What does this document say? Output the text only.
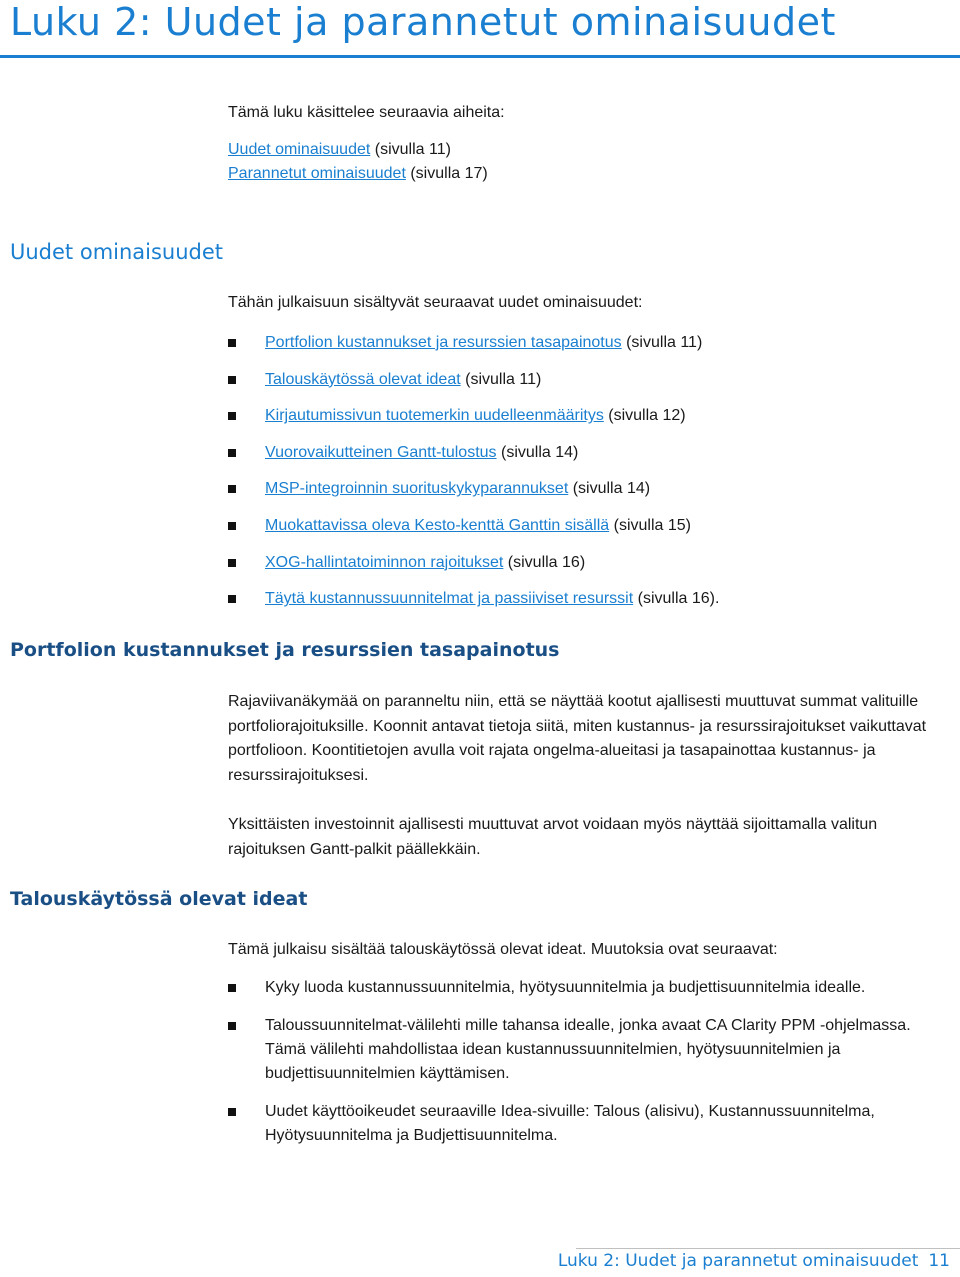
Luku 2: Uudet ja parannetut ominaisuudet
Tämä luku käsittelee seuraavia aiheita:
Uudet ominaisuudet (sivulla 11)
Parannetut ominaisuudet (sivulla 17)
Uudet ominaisuudet
Tähän julkaisuun sisältyvät seuraavat uudet ominaisuudet:
Portfolion kustannukset ja resurssien tasapainotus (sivulla 11)
Talouskäytössä olevat ideat (sivulla 11)
Kirjautumissivun tuotemerkin uudelleenmääritys (sivulla 12)
Vuorovaikutteinen Gantt-tulostus (sivulla 14)
MSP-integroinnin suorituskykyparannukset (sivulla 14)
Muokattavissa oleva Kesto-kenttä Ganttin sisällä (sivulla 15)
XOG-hallintatoiminnon rajoitukset (sivulla 16)
Täytä kustannussuunnitelmat ja passiiviset resurssit (sivulla 16).
Portfolion kustannukset ja resurssien tasapainotus
Rajaviivanäkymää on paranneltu niin, että se näyttää kootut ajallisesti muuttuvat summat valituille portfoliorajoituksille. Koonnit antavat tietoja siitä, miten kustannus- ja resurssirajoitukset vaikuttavat portfolioon. Koontitietojen avulla voit rajata ongelma-alueitasi ja tasapainottaa kustannus- ja resurssirajoituksesi.
Yksittäisten investoinnit ajallisesti muuttuvat arvot voidaan myös näyttää sijoittamalla valitun rajoituksen Gantt-palkit päällekkäin.
Talouskäytössä olevat ideat
Tämä julkaisu sisältää talouskäytössä olevat ideat. Muutoksia ovat seuraavat:
Kyky luoda kustannussuunnitelmia, hyötysuunnitelmia ja budjettisuunnitelmia idealle.
Taloussuunnitelmat-välilehti mille tahansa idealle, jonka avaat CA Clarity PPM -ohjelmassa. Tämä välilehti mahdollistaa idean kustannussuunnitelmien, hyötysuunnitelmien ja budjettisuunnitelmien käyttämisen.
Uudet käyttöoikeudet seuraaville Idea-sivuille: Talous (alisivu), Kustannussuunnitelma, Hyötysuunnitelma ja Budjettisuunnitelma.
Luku 2: Uudet ja parannetut ominaisuudet 11
